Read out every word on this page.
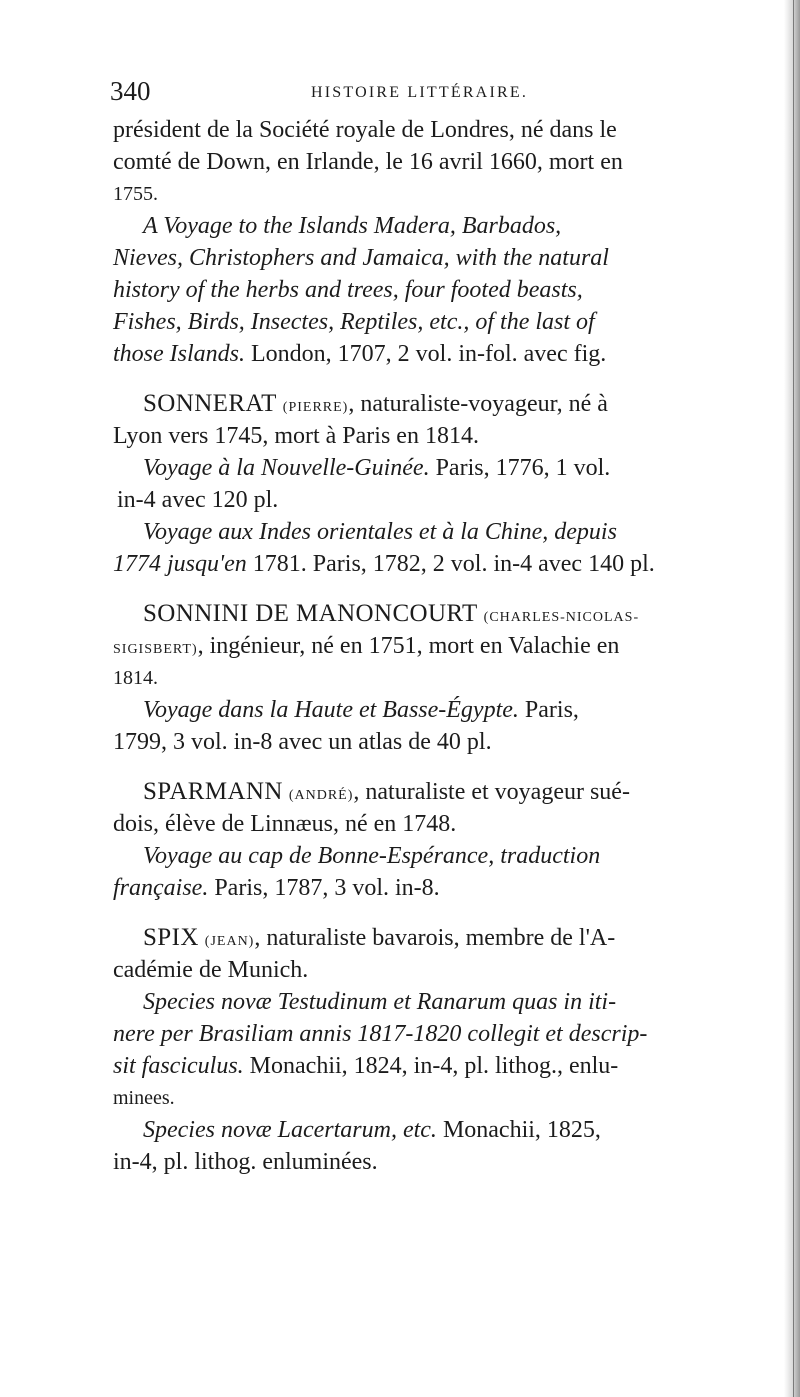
340	HISTOIRE LITTÉRAIRE.
président de la Société royale de Londres, né dans le
comté de Down, en Irlande, le 16 avril 1660, mort en
1755.
A Voyage to the Islands Madera, Barbados,
Nieves, Christophers and Jamaica, with the natural
history of the herbs and trees, four footed beasts,
Fishes, Birds, Insectes, Reptiles, etc., of the last of
those Islands. London, 1707, 2 vol. in-fol. avec fig.
SONNERAT (PIERRE), naturaliste-voyageur, né à
Lyon vers 1745, mort à Paris en 1814.
Voyage à la Nouvelle-Guinée. Paris, 1776, 1 vol.
in-4 avec 120 pl.
Voyage aux Indes orientales et à la Chine, depuis
1774 jusqu'en 1781. Paris, 1782, 2 vol. in-4 avec 140 pl.
SONNINI DE MANONCOURT (CHARLES-NICOLAS-
SIGISBERT), ingénieur, né en 1751, mort en Valachie en
1814.
Voyage dans la Haute et Basse-Égypte. Paris,
1799, 3 vol. in-8 avec un atlas de 40 pl.
SPARMANN (ANDRÉ), naturaliste et voyageur sué-
dois, élève de Linnæus, né en 1748.
Voyage au cap de Bonne-Espérance, traduction
française. Paris, 1787, 3 vol. in-8.
SPIX (JEAN), naturaliste bavarois, membre de l'A-
cadémie de Munich.
Species novæ Testudinum et Ranarum quas in iti-
nere per Brasiliam annis 1817-1820 collegit et descrip-
sit fasciculus. Monachii, 1824, in-4, pl. lithog., enlu-
minees.
Species novæ Lacertarum, etc. Monachii, 1825,
in-4, pl. lithog. enluminées.
